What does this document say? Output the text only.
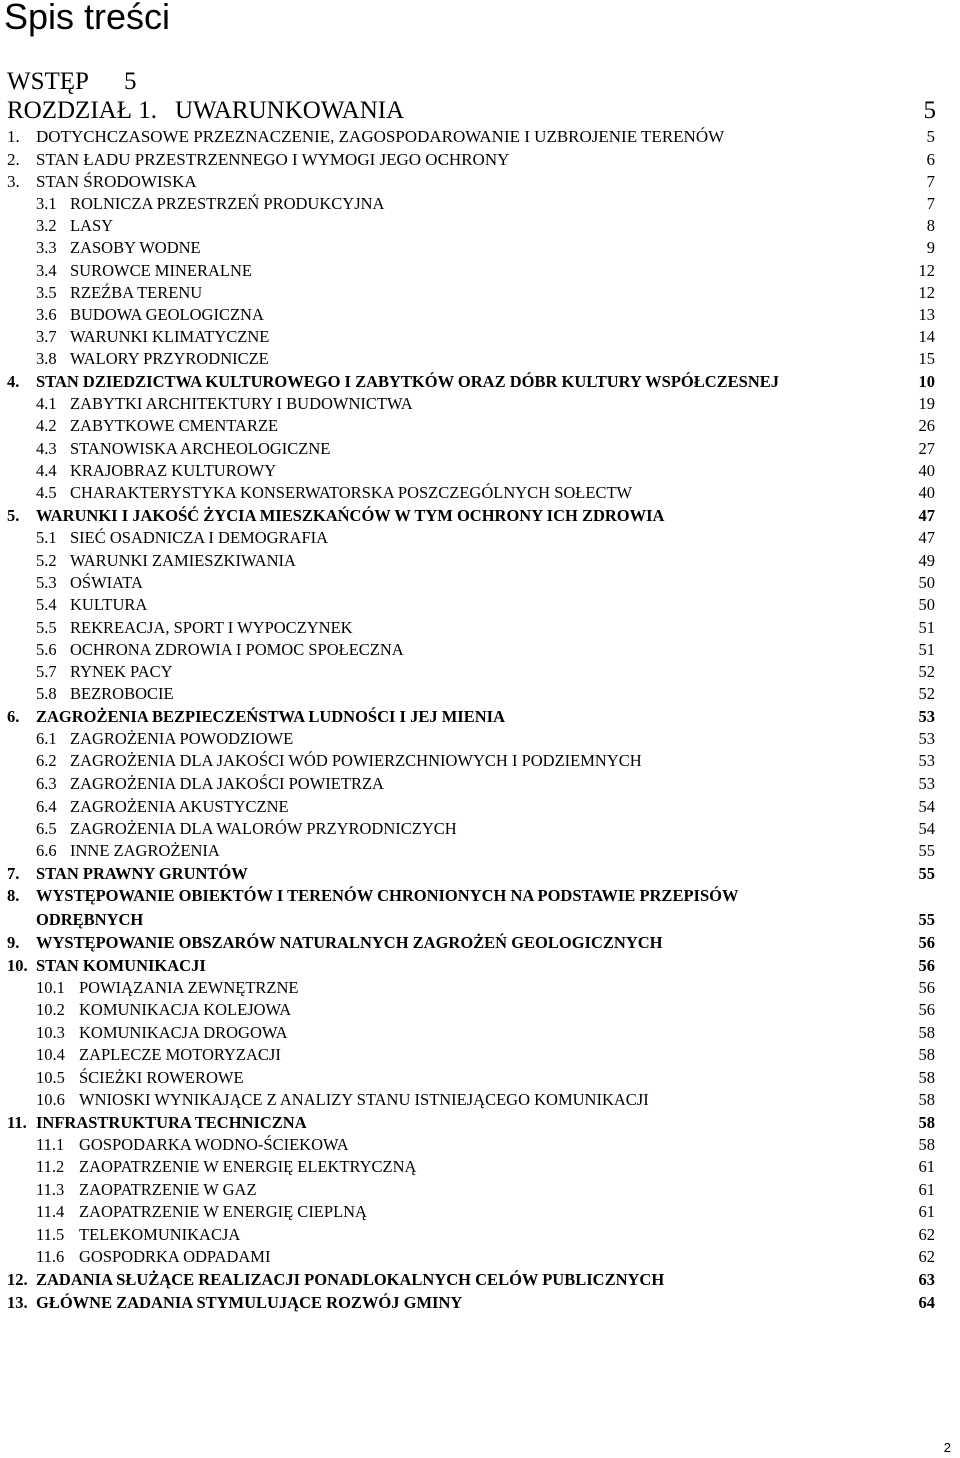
Spis treści
WSTĘP 5
ROZDZIAŁ 1. UWARUNKOWANIA	5
1. DOTYCHCZASOWE PRZEZNACZENIE, ZAGOSPODAROWANIE I UZBROJENIE TERENÓW	5
2. STAN ŁADU PRZESTRZENNEGO I WYMOGI JEGO OCHRONY	6
3. STAN ŚRODOWISKA	7
3.1 ROLNICZA PRZESTRZEŃ PRODUKCYJNA	7
3.2 LASY	8
3.3 ZASOBY WODNE	9
3.4 SUROWCE MINERALNE	12
3.5 RZEŹBA TERENU	12
3.6 BUDOWA GEOLOGICZNA	13
3.7 WARUNKI KLIMATYCZNE	14
3.8 WALORY PRZYRODNICZE	15
4. STAN DZIEDZICTWA KULTUROWEGO I ZABYTKÓW ORAZ DÓBR KULTURY WSPÓŁCZESNEJ	10
4.1 ZABYTKI ARCHITEKTURY I BUDOWNICTWA	19
4.2 ZABYTKOWE CMENTARZE	26
4.3 STANOWISKA ARCHEOLOGICZNE	27
4.4 KRAJOBRAZ KULTUROWY	40
4.5 CHARAKTERYSTYKA KONSERWATORSKA POSZCZEGÓLNYCH SOŁECTW	40
5. WARUNKI I JAKOŚĆ ŻYCIA MIESZKAŃCÓW W TYM OCHRONY ICH ZDROWIA	47
5.1 SIEĆ OSADNICZA I DEMOGRAFIA	47
5.2 WARUNKI ZAMIESZKIWANIA	49
5.3 OŚWIATA	50
5.4 KULTURA	50
5.5 REKREACJA, SPORT I WYPOCZYNEK	51
5.6 OCHRONA ZDROWIA I POMOC SPOŁECZNA	51
5.7 RYNEK PACY	52
5.8 BEZROBOCIE	52
6. ZAGROŻENIA BEZPIECZEŃSTWA LUDNOŚCI I JEJ MIENIA	53
6.1 ZAGROŻENIA POWODZIOWE	53
6.2 ZAGROŻENIA DLA JAKOŚCI WÓD POWIERZCHNIOWYCH I PODZIEMNYCH	53
6.3 ZAGROŻENIA DLA JAKOŚCI POWIETRZA	53
6.4 ZAGROŻENIA AKUSTYCZNE	54
6.5 ZAGROŻENIA DLA WALORÓW PRZYRODNICZYCH	54
6.6 INNE ZAGROŻENIA	55
7. STAN PRAWNY GRUNTÓW	55
8. WYSTĘPOWANIE OBIEKTÓW I TERENÓW CHRONIONYCH NA PODSTAWIE PRZEPISÓW
ODRĘBNYCH	55
9. WYSTĘPOWANIE OBSZARÓW NATURALNYCH ZAGROŻEŃ GEOLOGICZNYCH	56
10. STAN KOMUNIKACJI	56
10.1 POWIĄZANIA ZEWNĘTRZNE	56
10.2 KOMUNIKACJA KOLEJOWA	56
10.3 KOMUNIKACJA DROGOWA	58
10.4 ZAPLECZE MOTORYZACJI	58
10.5 ŚCIEŻKI ROWEROWE	58
10.6 WNIOSKI WYNIKAJĄCE Z ANALIZY STANU ISTNIEJĄCEGO KOMUNIKACJI	58
11. INFRASTRUKTURA TECHNICZNA	58
11.1 GOSPODARKA WODNO-ŚCIEKOWA	58
11.2 ZAOPATRZENIE W ENERGIĘ ELEKTRYCZNĄ	61
11.3 ZAOPATRZENIE W GAZ	61
11.4 ZAOPATRZENIE W ENERGIĘ CIEPLNĄ	61
11.5 TELEKOMUNIKACJA	62
11.6 GOSPODRKA ODPADAMI	62
12. ZADANIA SŁUŻĄCE REALIZACJI PONADLOKALNYCH CELÓW PUBLICZNYCH	63
13. GŁÓWNE ZADANIA STYMULUJĄCE ROZWÓJ GMINY	64
2
